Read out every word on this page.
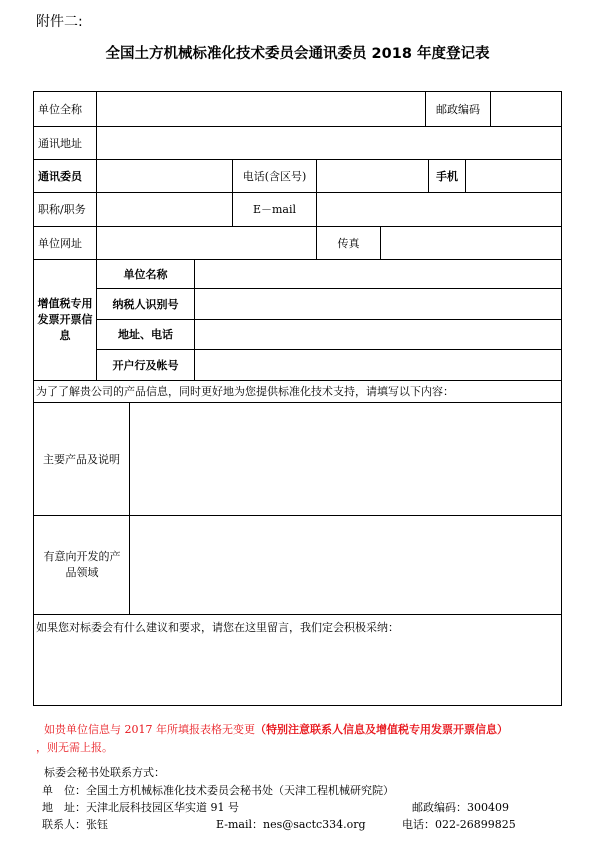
附件二:
全国土方机械标准化技术委员会通讯委员 2018 年度登记表
单位全称	邮政编码
通讯地址
通讯委员	电话(含区号)	手机
职称/职务	E－mail
单位网址	传真
增值税专用发票开票信息
单位名称
纳税人识别号
地址、电话
开户行及帐号
为了了解贵公司的产品信息，同时更好地为您提供标准化技术支持，请填写以下内容：
主要产品及说明
有意向开发的产品领域
如果您对标委会有什么建议和要求，请您在这里留言，我们定会积极采纳：
如贵单位信息与 2017 年所填报表格无变更（特别注意联系人信息及增值税专用发票开票信息）
，则无需上报。
标委会秘书处联系方式：
单　位：全国土方机械标准化技术委员会秘书处（天津工程机械研究院）
地　址：天津北辰科技园区华实道 91 号	邮政编码：300409
联系人：张钰	E-mail：nes@sactc334.org	电话：022-26899825
